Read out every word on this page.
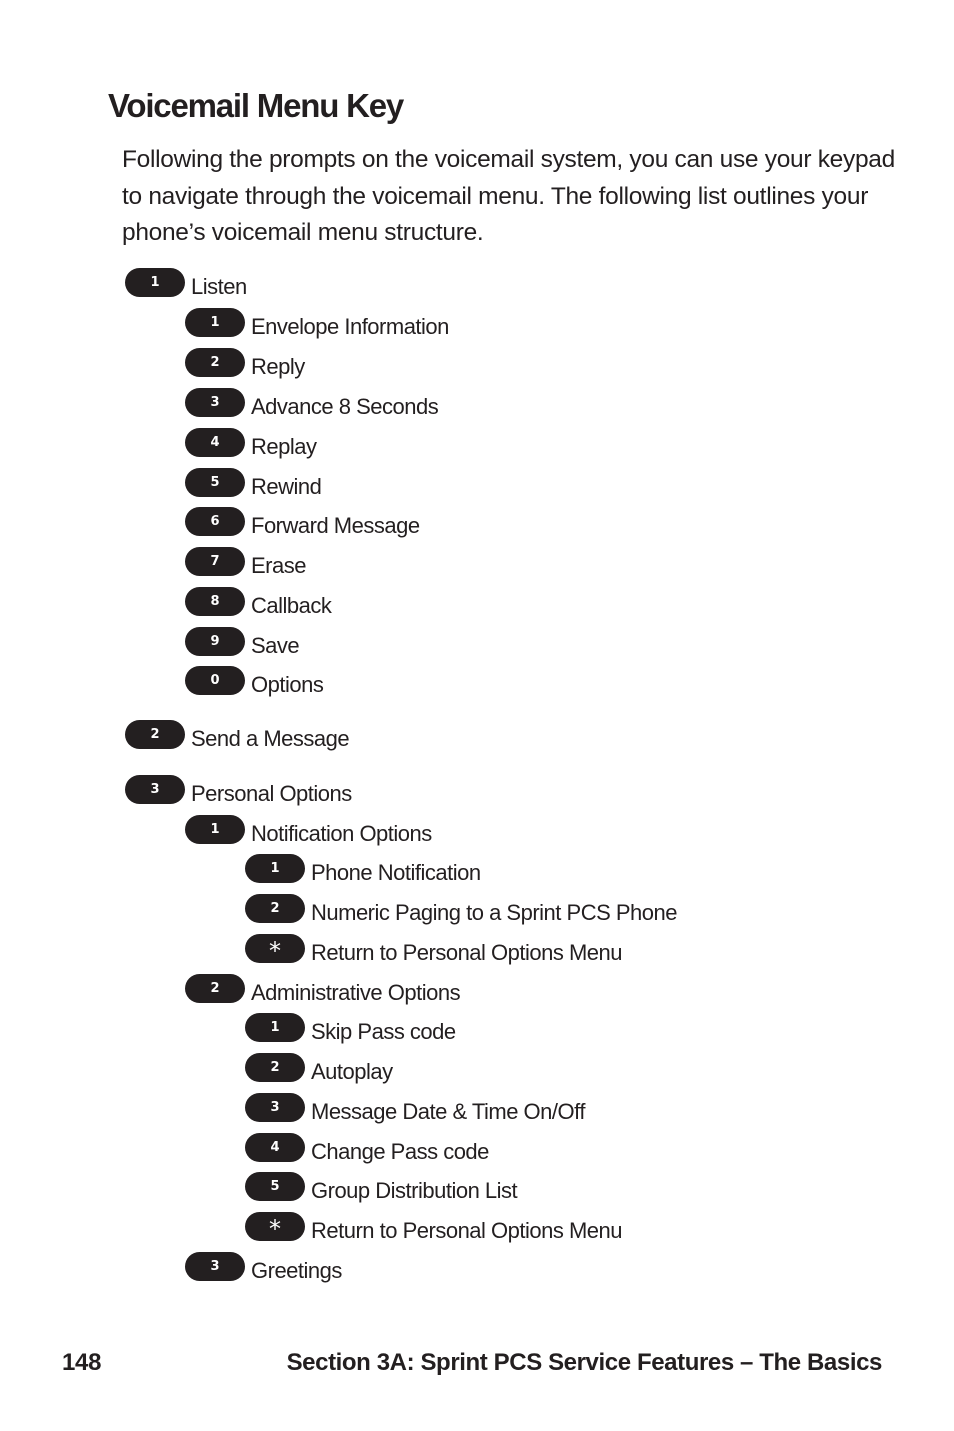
Voicemail Menu Key

Following the prompts on the voicemail system, you can use your keypad to navigate through the voicemail menu. The following list outlines your phone’s voicemail menu structure.

1	Listen
1	Envelope Information
2	Reply
3	Advance 8 Seconds
4	Replay
5	Rewind
6	Forward Message
7	Erase
8	Callback
9	Save
0	Options
2	Send a Message
3	Personal Options
1	Notification Options
1	Phone Notification
2	Numeric Paging to a Sprint PCS Phone
*	Return to Personal Options Menu
2	Administrative Options
1	Skip Pass code
2	Autoplay
3	Message Date & Time On/Off
4	Change Pass code
5	Group Distribution List
*	Return to Personal Options Menu
3	Greetings
148	Section 3A: Sprint PCS Service Features – The Basics
